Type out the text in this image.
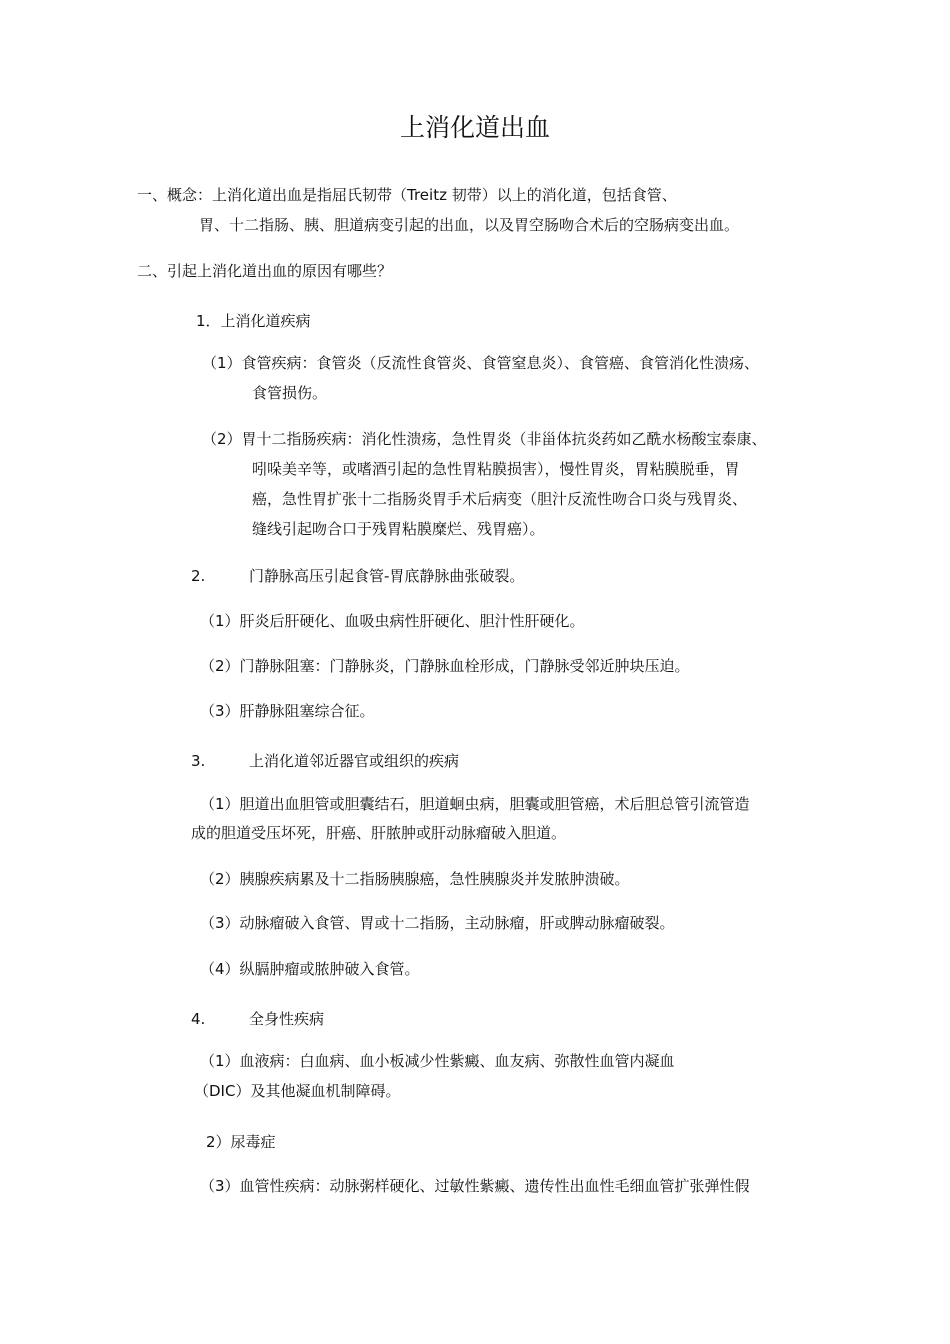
上消化道出血
一、概念：上消化道出血是指屈氏韧带（Treitz 韧带）以上的消化道，包括食管、
胃、十二指肠、胰、胆道病变引起的出血，以及胃空肠吻合术后的空肠病变出血。
二、引起上消化道出血的原因有哪些？
1．上消化道疾病
（1）食管疾病：食管炎（反流性食管炎、食管窒息炎）、食管癌、食管消化性溃疡、
食管损伤。
（2）胃十二指肠疾病：消化性溃疡，急性胃炎（非甾体抗炎药如乙酰水杨酸宝泰康、
吲哚美辛等，或嗜酒引起的急性胃粘膜损害），慢性胃炎，胃粘膜脱垂，胃
癌，急性胃扩张十二指肠炎胃手术后病变（胆汁反流性吻合口炎与残胃炎、
缝线引起吻合口于残胃粘膜糜烂、残胃癌）。
2.	门静脉高压引起食管-胃底静脉曲张破裂。
（1）肝炎后肝硬化、血吸虫病性肝硬化、胆汁性肝硬化。
（2）门静脉阻塞：门静脉炎，门静脉血栓形成，门静脉受邻近肿块压迫。
（3）肝静脉阻塞综合征。
3.	上消化道邻近器官或组织的疾病
（1）胆道出血胆管或胆囊结石，胆道蛔虫病，胆囊或胆管癌，术后胆总管引流管造
成的胆道受压坏死，肝癌、肝脓肿或肝动脉瘤破入胆道。
（2）胰腺疾病累及十二指肠胰腺癌，急性胰腺炎并发脓肿溃破。
（3）动脉瘤破入食管、胃或十二指肠，主动脉瘤，肝或脾动脉瘤破裂。
（4）纵膈肿瘤或脓肿破入食管。
4.	全身性疾病
（1）血液病：白血病、血小板减少性紫癜、血友病、弥散性血管内凝血
（DIC）及其他凝血机制障碍。
2）尿毒症
（3）血管性疾病：动脉粥样硬化、过敏性紫癜、遗传性出血性毛细血管扩张弹性假
